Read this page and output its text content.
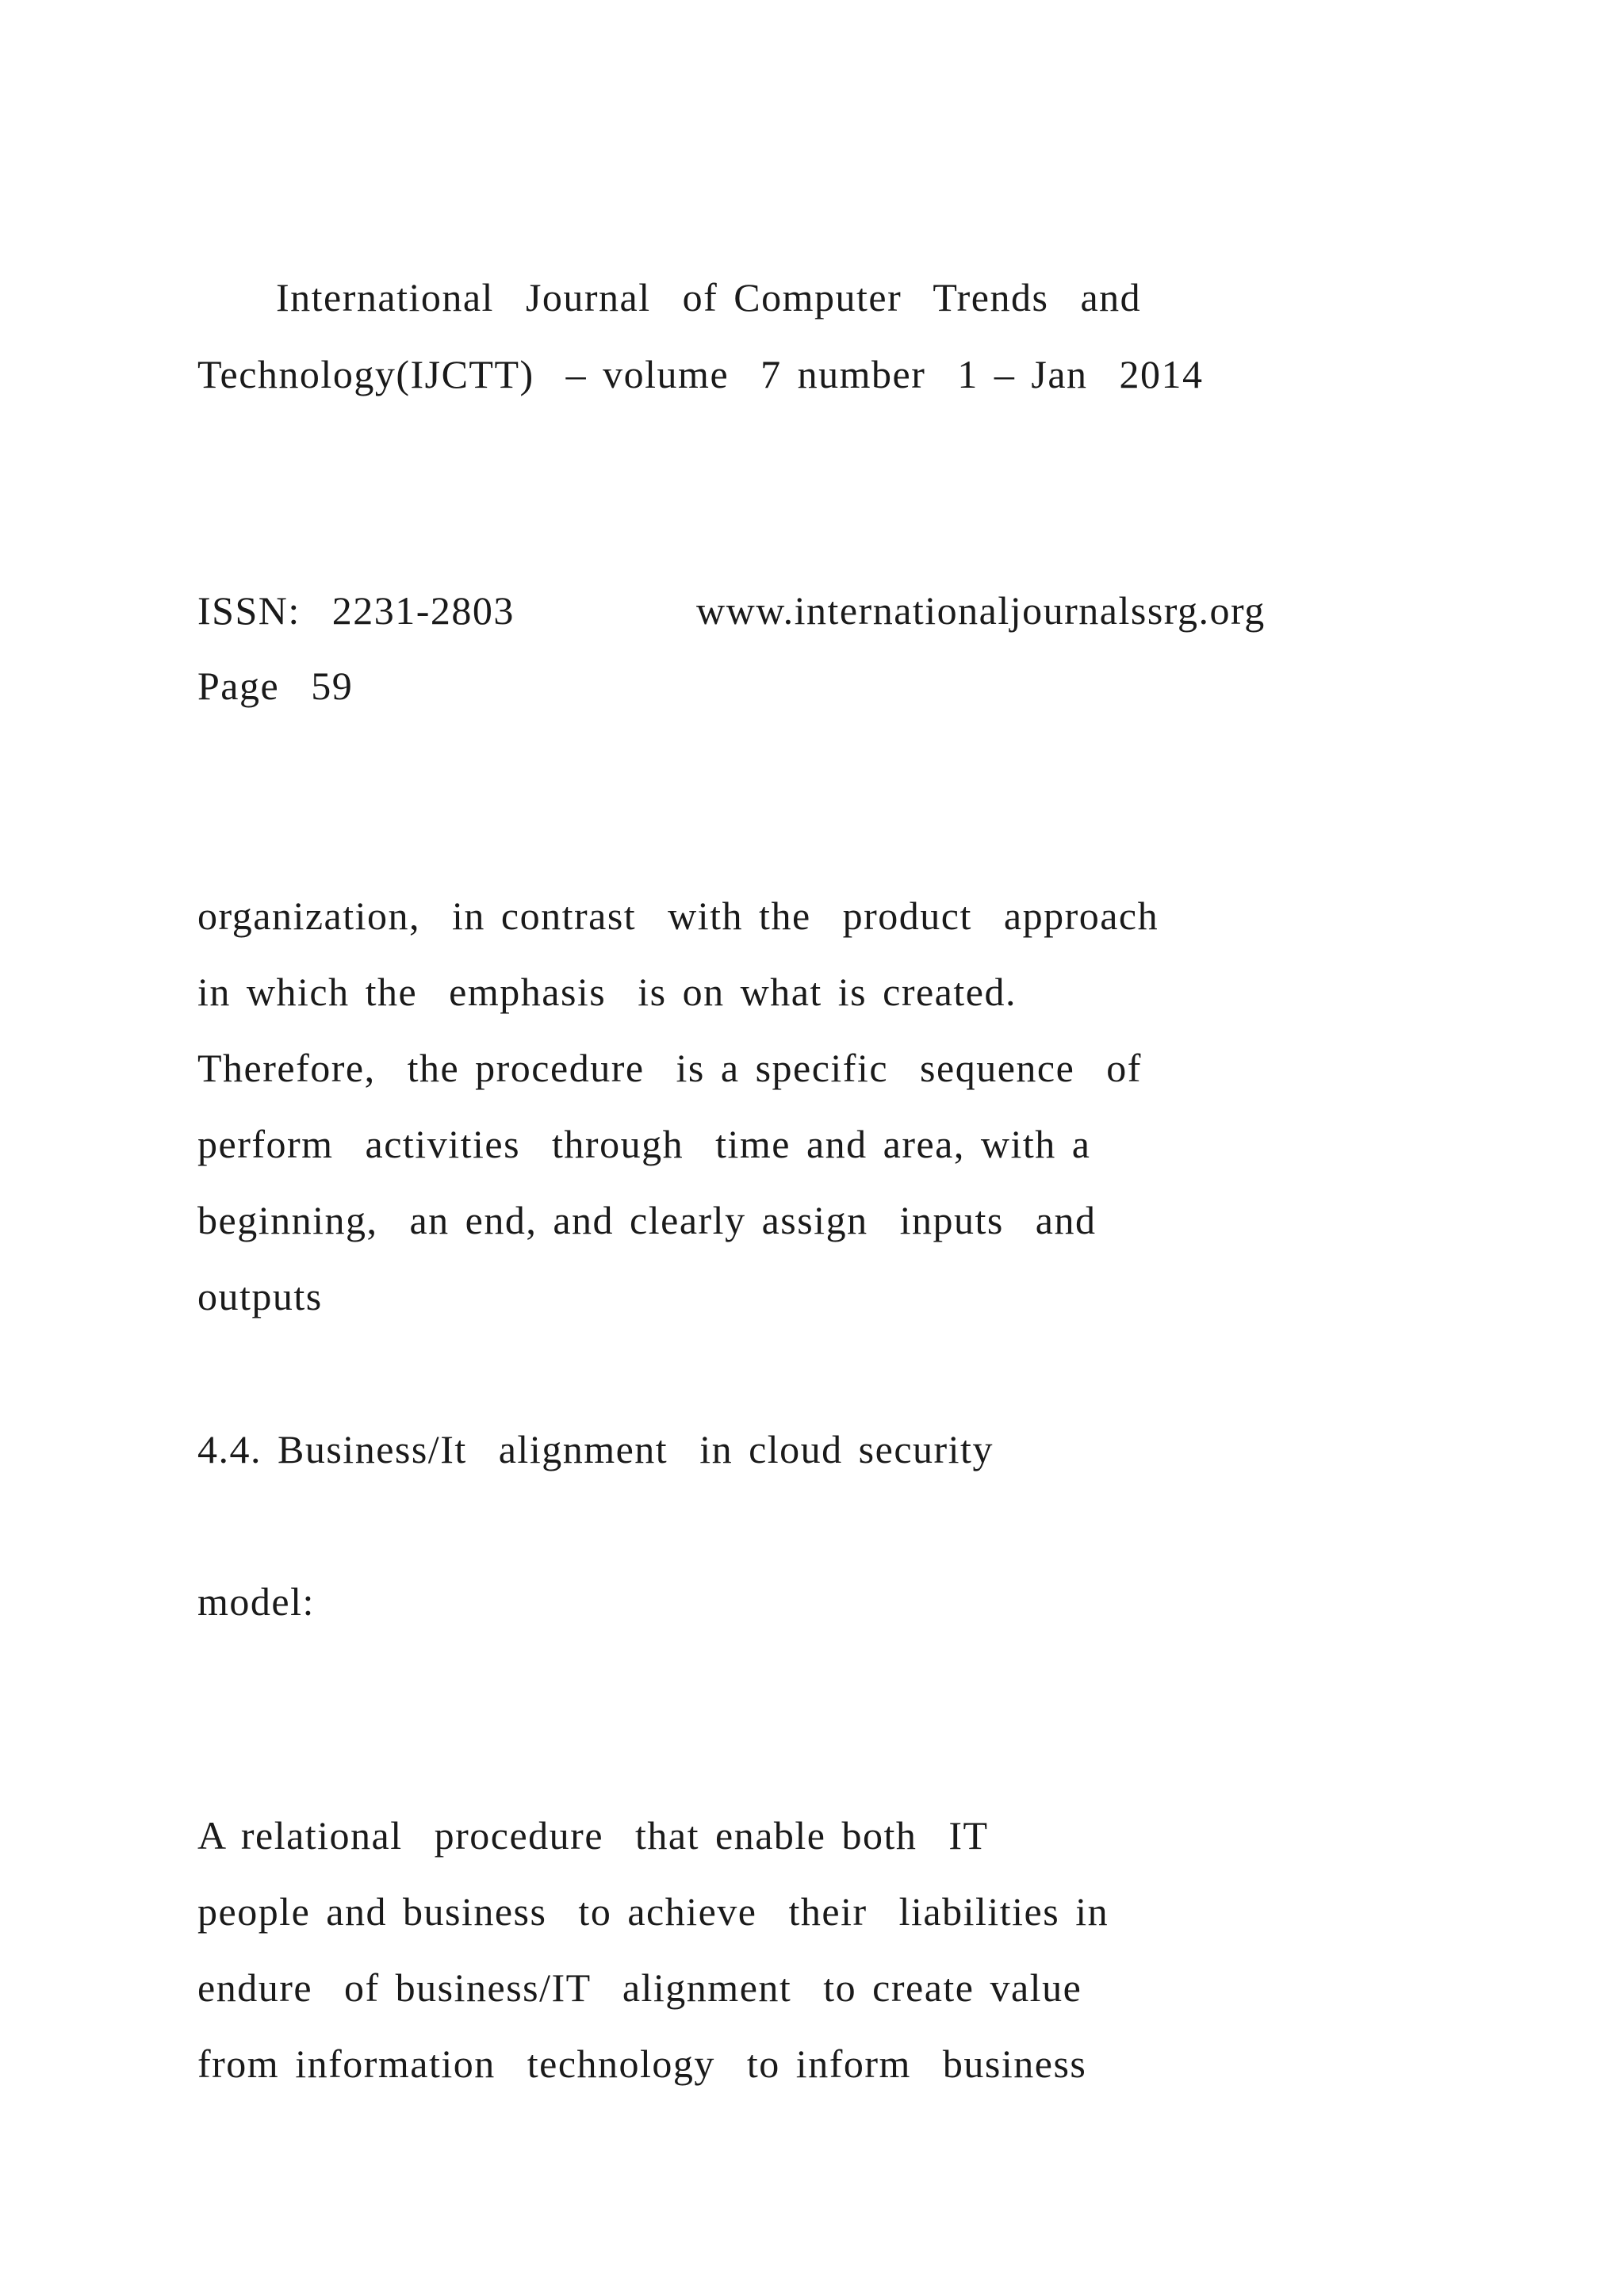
International  Journal  of Computer  Trends  and

Technology(IJCTT)  – volume  7 number  1 – Jan  2014

ISSN:  2231-2803	www.internationaljournalssrg.org

Page  59

organization,  in contrast  with the  product  approach

in which the  emphasis  is on what is created.

Therefore,  the procedure  is a specific  sequence  of

perform  activities  through  time and area, with a

beginning,  an end, and clearly assign  inputs  and

outputs

4.4. Business/It  alignment  in cloud security

model:

A relational  procedure  that enable both  IT

people and business  to achieve  their  liabilities in

endure  of business/IT  alignment  to create value

from information  technology  to inform  business
